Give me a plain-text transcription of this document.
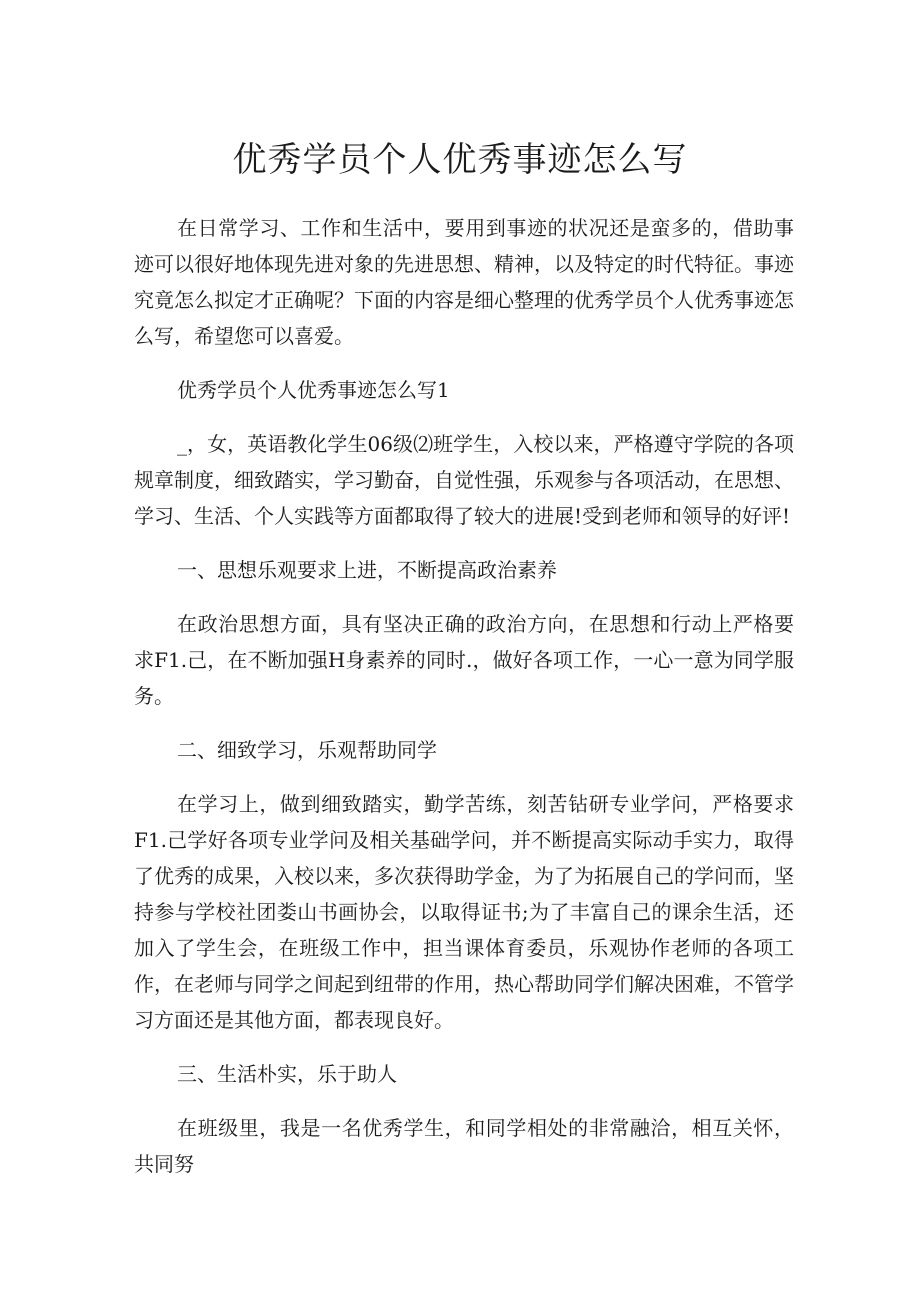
优秀学员个人优秀事迹怎么写

在日常学习、工作和生活中，要用到事迹的状况还是蛮多的，借助事迹可以很好地体现先进对象的先进思想、精神，以及特定的时代特征。事迹究竟怎么拟定才正确呢？下面的内容是细心整理的优秀学员个人优秀事迹怎么写，希望您可以喜爱。

优秀学员个人优秀事迹怎么写1

_，女，英语教化学生06级⑵班学生，入校以来，严格遵守学院的各项规章制度，细致踏实，学习勤奋，自觉性强，乐观参与各项活动，在思想、学习、生活、个人实践等方面都取得了较大的进展!受到老师和领导的好评!

一、思想乐观要求上进，不断提高政治素养

在政治思想方面，具有坚决正确的政治方向，在思想和行动上严格要求F1.己，在不断加强H身素养的同时.，做好各项工作，一心一意为同学服务。

二、细致学习，乐观帮助同学

在学习上，做到细致踏实，勤学苦练，刻苦钻研专业学问，严格要求F1.己学好各项专业学问及相关基础学问，并不断提高实际动手实力，取得了优秀的成果，入校以来，多次获得助学金，为了为拓展自己的学问而，坚持参与学校社团娄山书画协会，以取得证书;为了丰富自己的课余生活，还加入了学生会，在班级工作中，担当课体育委员，乐观协作老师的各项工作，在老师与同学之间起到纽带的作用，热心帮助同学们解决困难，不管学习方面还是其他方面，都表现良好。

三、生活朴实，乐于助人

在班级里，我是一名优秀学生，和同学相处的非常融洽，相互关怀，共同努
